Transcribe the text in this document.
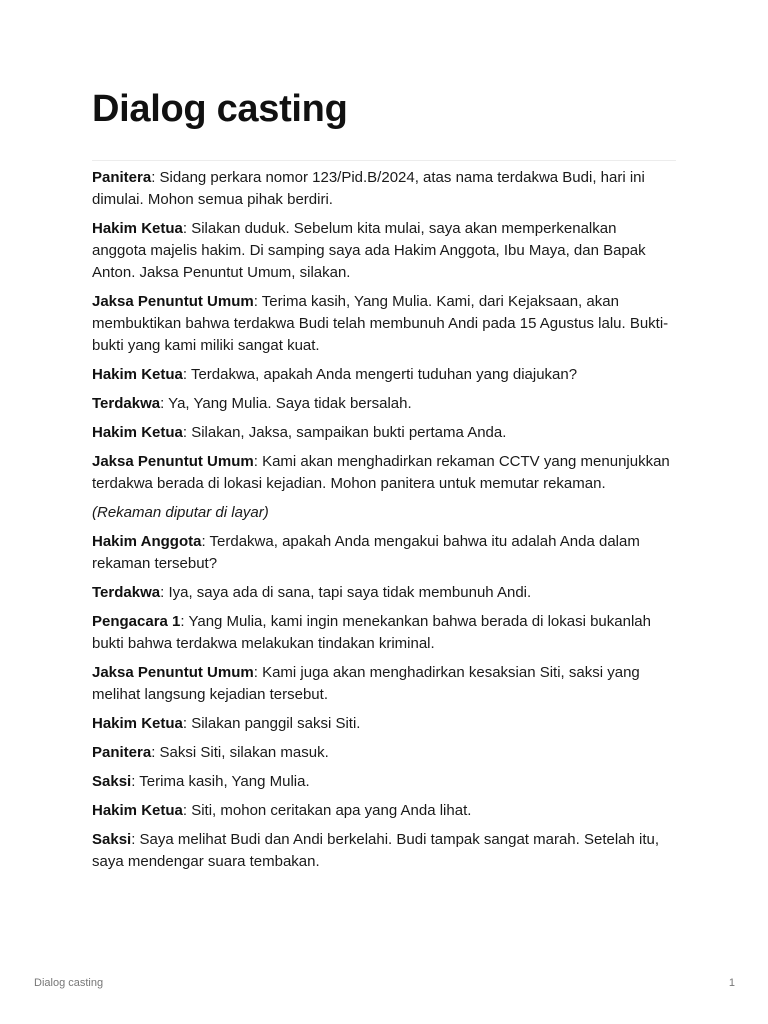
Dialog casting

Panitera: Sidang perkara nomor 123/Pid.B/2024, atas nama terdakwa Budi, hari ini dimulai. Mohon semua pihak berdiri.

Hakim Ketua: Silakan duduk. Sebelum kita mulai, saya akan memperkenalkan anggota majelis hakim. Di samping saya ada Hakim Anggota, Ibu Maya, dan Bapak Anton. Jaksa Penuntut Umum, silakan.

Jaksa Penuntut Umum: Terima kasih, Yang Mulia. Kami, dari Kejaksaan, akan membuktikan bahwa terdakwa Budi telah membunuh Andi pada 15 Agustus lalu. Bukti-bukti yang kami miliki sangat kuat.

Hakim Ketua: Terdakwa, apakah Anda mengerti tuduhan yang diajukan?

Terdakwa: Ya, Yang Mulia. Saya tidak bersalah.

Hakim Ketua: Silakan, Jaksa, sampaikan bukti pertama Anda.

Jaksa Penuntut Umum: Kami akan menghadirkan rekaman CCTV yang menunjukkan terdakwa berada di lokasi kejadian. Mohon panitera untuk memutar rekaman.

(Rekaman diputar di layar)

Hakim Anggota: Terdakwa, apakah Anda mengakui bahwa itu adalah Anda dalam rekaman tersebut?

Terdakwa: Iya, saya ada di sana, tapi saya tidak membunuh Andi.

Pengacara 1: Yang Mulia, kami ingin menekankan bahwa berada di lokasi bukanlah bukti bahwa terdakwa melakukan tindakan kriminal.

Jaksa Penuntut Umum: Kami juga akan menghadirkan kesaksian Siti, saksi yang melihat langsung kejadian tersebut.

Hakim Ketua: Silakan panggil saksi Siti.

Panitera: Saksi Siti, silakan masuk.

Saksi: Terima kasih, Yang Mulia.

Hakim Ketua: Siti, mohon ceritakan apa yang Anda lihat.

Saksi: Saya melihat Budi dan Andi berkelahi. Budi tampak sangat marah. Setelah itu, saya mendengar suara tembakan.

Dialog casting	1
